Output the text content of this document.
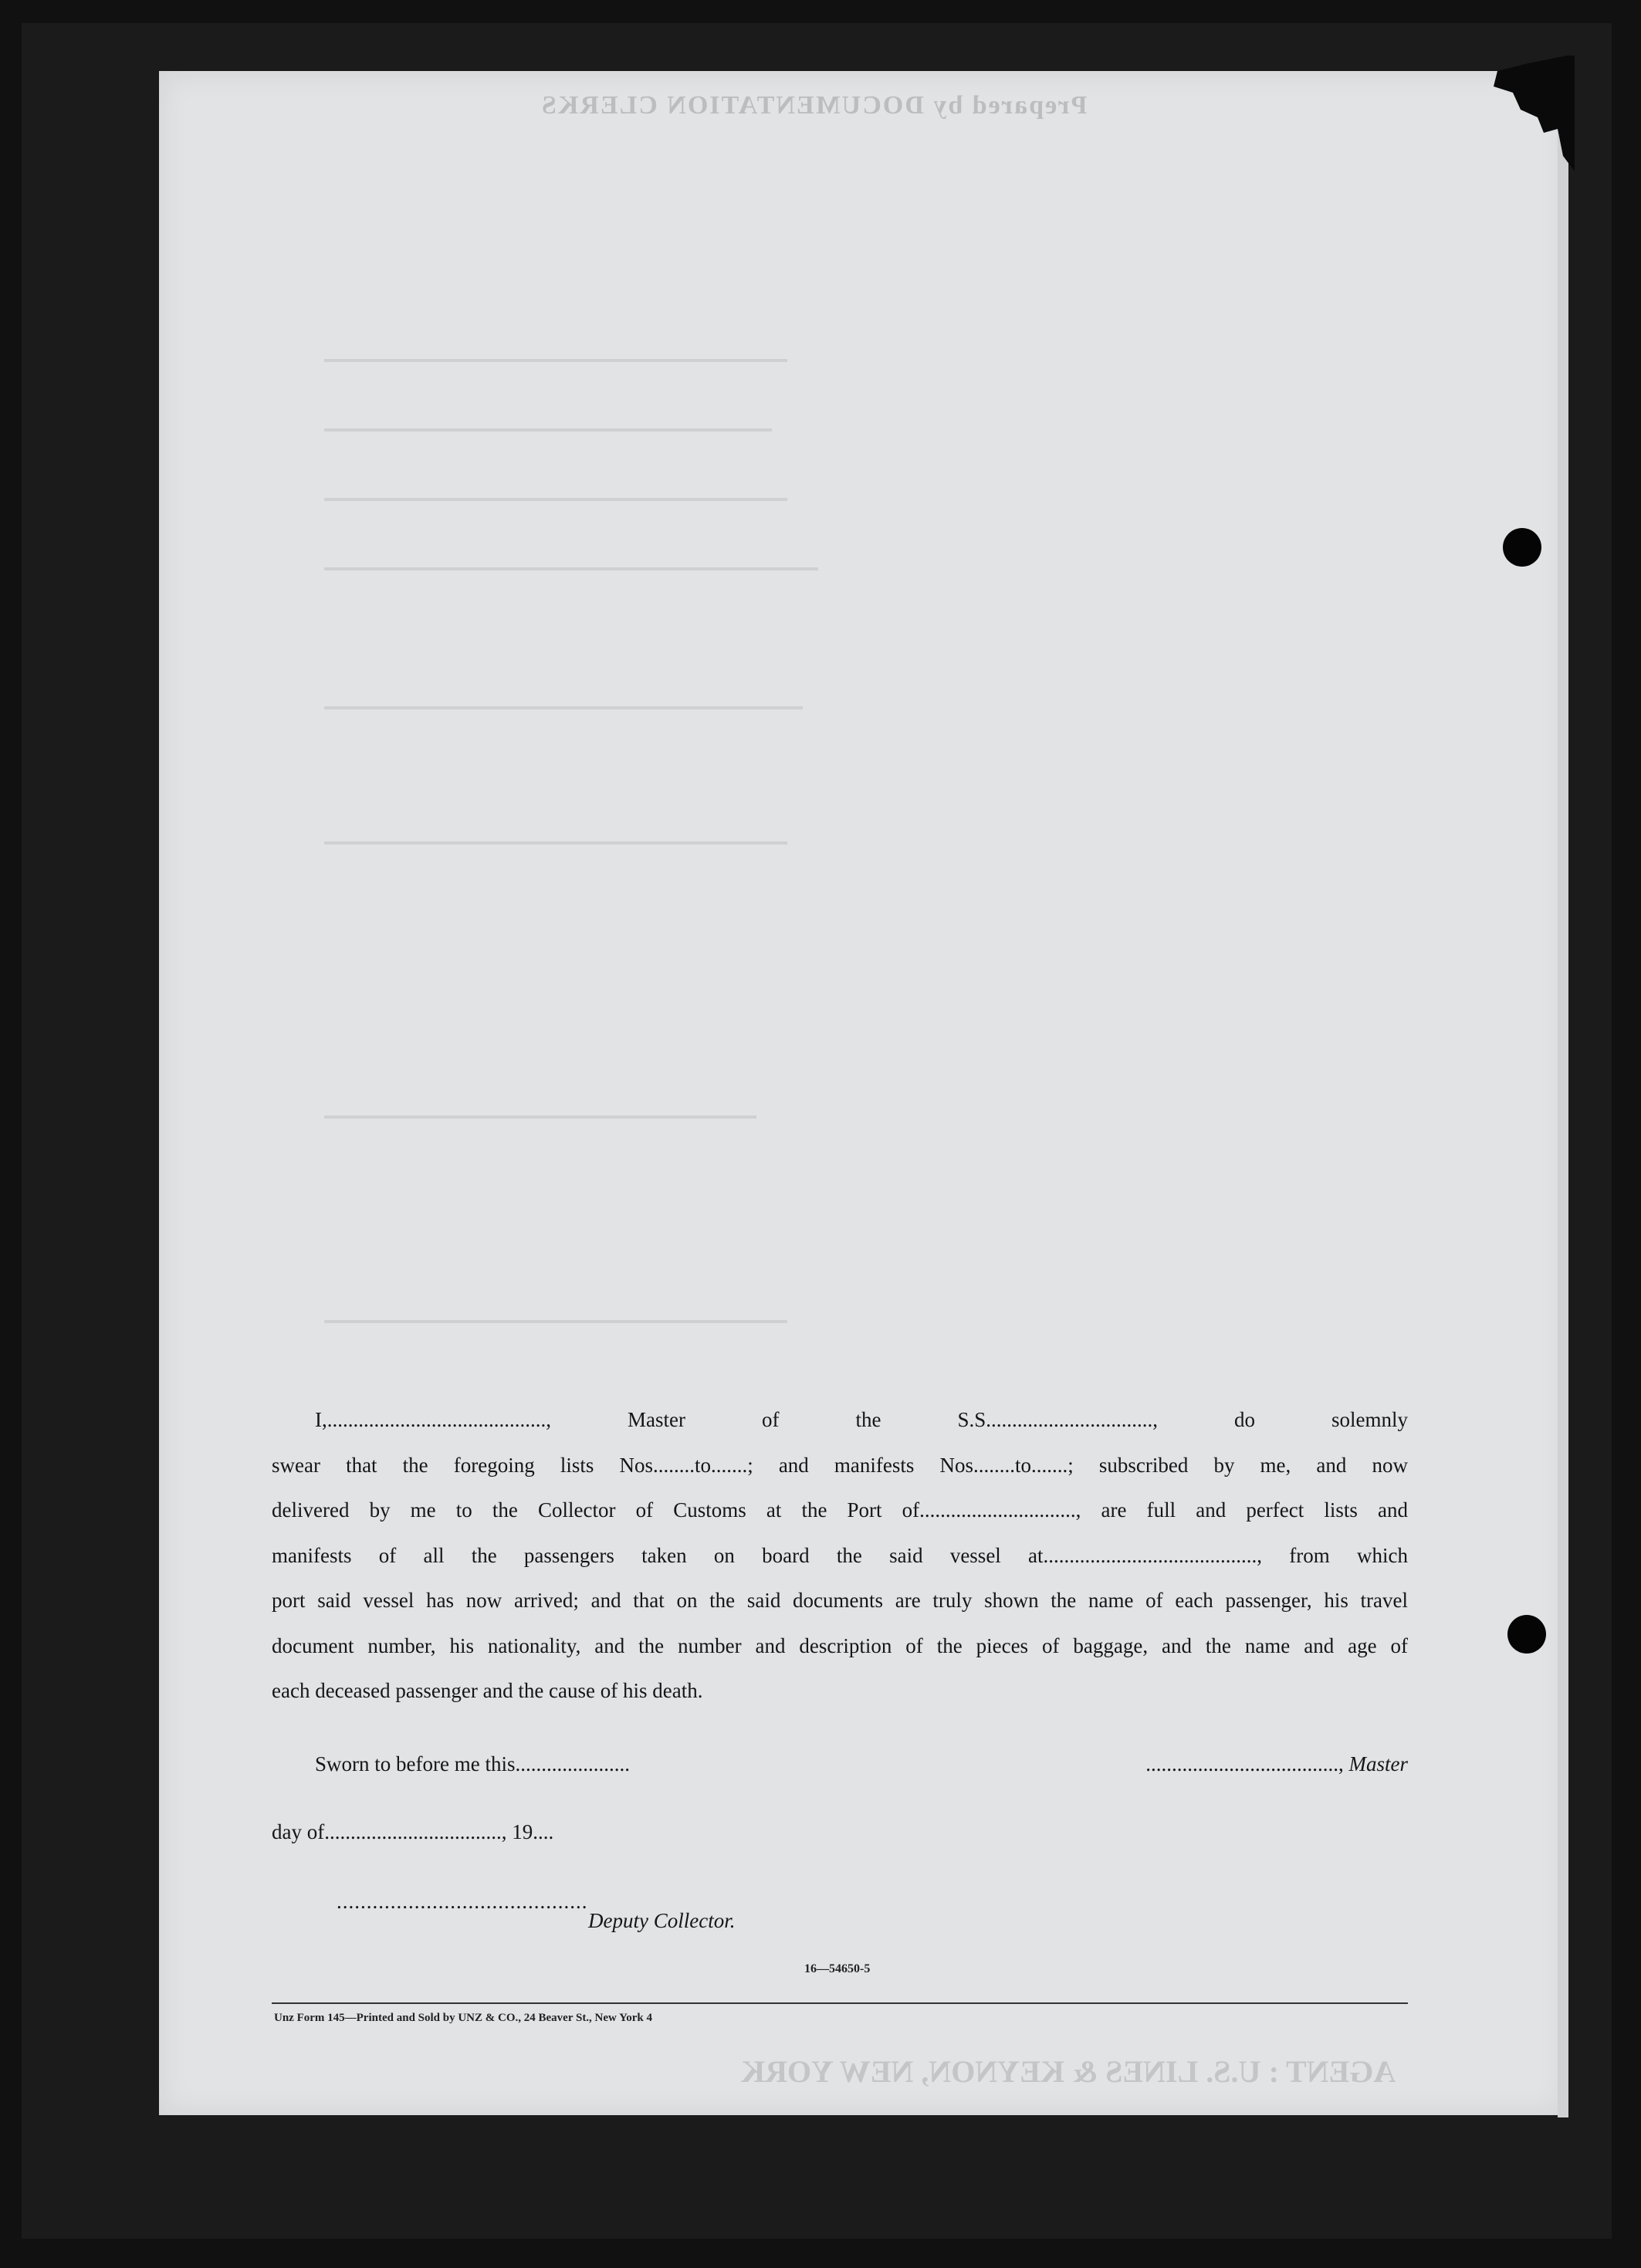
Prepared by DOCUMENTATION CLERKS
AGENT : U.S. LINES & KEYNON, NEW YORK
I,.........................................., Master of the S.S................................, do solemnly
swear that the foregoing lists Nos........to.......; and manifests Nos........to.......; subscribed by me, and now
delivered by me to the Collector of Customs at the Port of.............................., are full and perfect lists and
manifests of all the passengers taken on board the said vessel at........................................., from which
port said vessel has now arrived; and that on the said documents are truly shown the name of each passenger, his travel
document number, his nationality, and the number and description of the pieces of baggage, and the name and age of
each deceased passenger and the cause of his death.
Sworn to before me this......................	....................................., Master
day of.................................., 19....
..........................................
Deputy Collector.
16—54650-5
Unz Form 145—Printed and Sold by UNZ & CO., 24 Beaver St., New York 4
